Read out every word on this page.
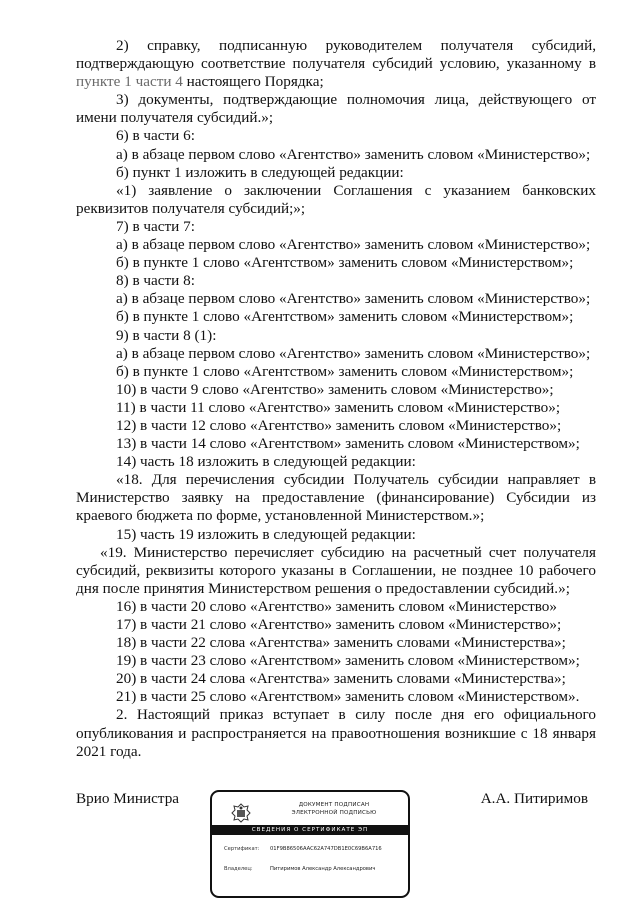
2) справку, подписанную руководителем получателя субсидий, подтверждающую соответствие получателя субсидий условию, указанному в пункте 1 части 4 настоящего Порядка;

3) документы, подтверждающие полномочия лица, действующего от имени получателя субсидий.»;

6) в части 6:

а) в абзаце первом слово «Агентство» заменить словом «Министерство»;

б) пункт 1 изложить в следующей редакции:

«1) заявление о заключении Соглашения с указанием банковских реквизитов получателя субсидий;»;

7) в части 7:

а) в абзаце первом слово «Агентство» заменить словом «Министерство»;

б) в пункте 1 слово «Агентством» заменить словом «Министерством»;

8) в части 8:

а) в абзаце первом слово «Агентство» заменить словом «Министерство»;

б) в пункте 1 слово «Агентством» заменить словом «Министерством»;

9) в части 8 (1):

а) в абзаце первом слово «Агентство» заменить словом «Министерство»;

б) в пункте 1 слово «Агентством» заменить словом «Министерством»;

10) в части 9 слово «Агентство» заменить словом «Министерство»;

11) в части 11 слово «Агентство» заменить словом «Министерство»;

12) в части 12 слово «Агентство» заменить словом «Министерство»;

13) в части 14 слово «Агентством» заменить словом «Министерством»;

14) часть 18 изложить в следующей редакции:

«18. Для перечисления субсидии Получатель субсидии направляет в Министерство заявку на предоставление (финансирование) Субсидии из краевого бюджета по форме, установленной Министерством.»;

15) часть 19 изложить в следующей редакции:

«19. Министерство перечисляет субсидию на расчетный счет получателя субсидий, реквизиты которого указаны в Соглашении, не позднее 10 рабочего дня после принятия Министерством решения о предоставлении субсидий.»;

16) в части 20 слово «Агентство» заменить словом «Министерство»

17) в части 21 слово «Агентство» заменить словом «Министерство»;

18) в части 22 слова «Агентства» заменить словами «Министерства»;

19) в части 23 слово «Агентством» заменить словом «Министерством»;

20) в части 24 слова «Агентства» заменить словами «Министерства»;

21) в части 25 слово «Агентством» заменить словом «Министерством».

2. Настоящий приказ вступает в силу после дня его официального опубликования и распространяется на правоотношения возникшие с 18 января 2021 года.

Врио Министра	А.А. Питиримов
ДОКУМЕНТ ПОДПИСАН
ЭЛЕКТРОННОЙ ПОДПИСЬЮ
СВЕДЕНИЯ О СЕРТИФИКАТЕ ЭП
Сертификат: 01F9B86506AAC62A747DB1E0C69B6A716
Владелец:	Питиримов Александр Александрович
